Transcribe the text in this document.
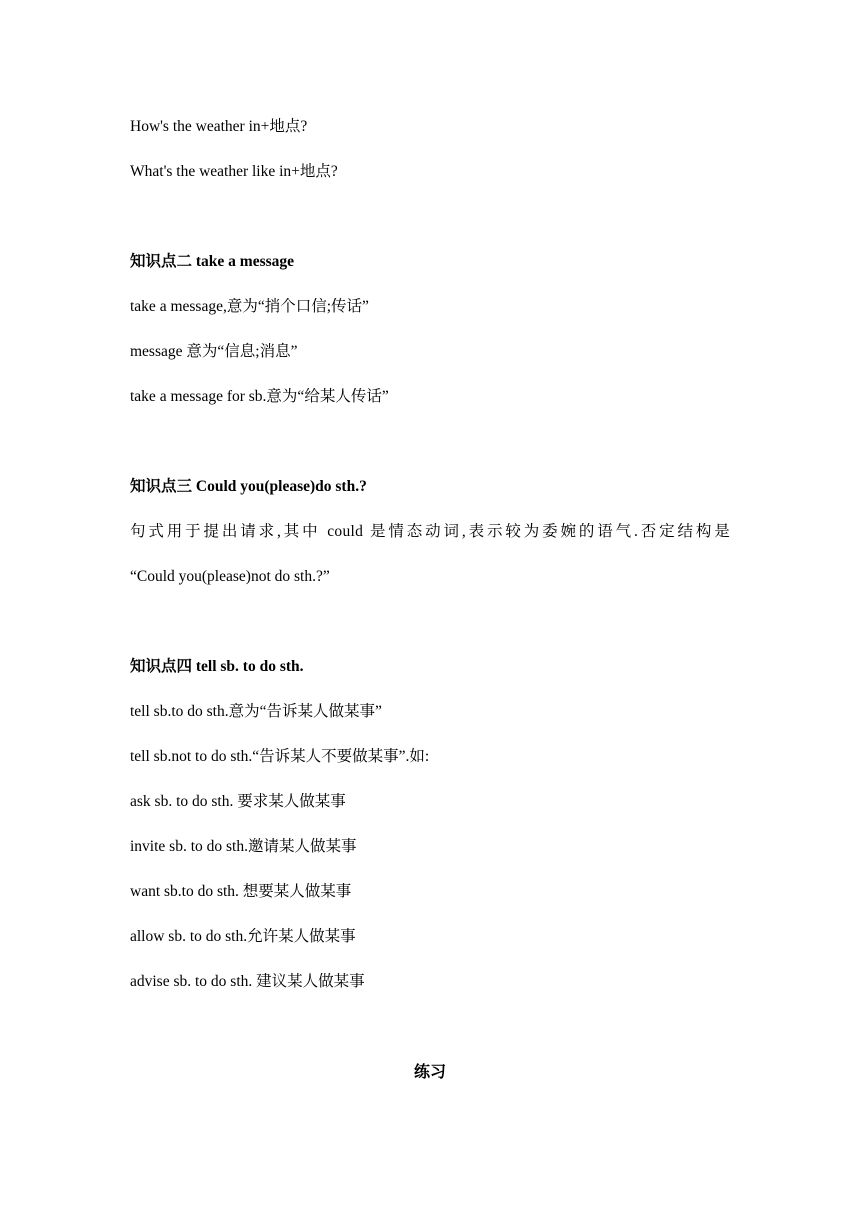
How's the weather in+地点?
What's the weather like in+地点?
知识点二 take a message
take a message,意为“捎个口信;传话”
message 意为“信息;消息”
take a message for sb.意为“给某人传话”
知识点三 Could you(please)do sth.?
句式用于提出请求,其中 could 是情态动词,表示较为委婉的语气.否定结构是
“Could you(please)not do sth.?”
知识点四 tell sb. to do sth.
tell sb.to do sth.意为“告诉某人做某事”
tell sb.not to do sth.“告诉某人不要做某事”.如:
ask sb. to do sth. 要求某人做某事
invite sb. to do sth.邀请某人做某事
want sb.to do sth. 想要某人做某事
allow sb. to do sth.允许某人做某事
advise sb. to do sth. 建议某人做某事
练习
